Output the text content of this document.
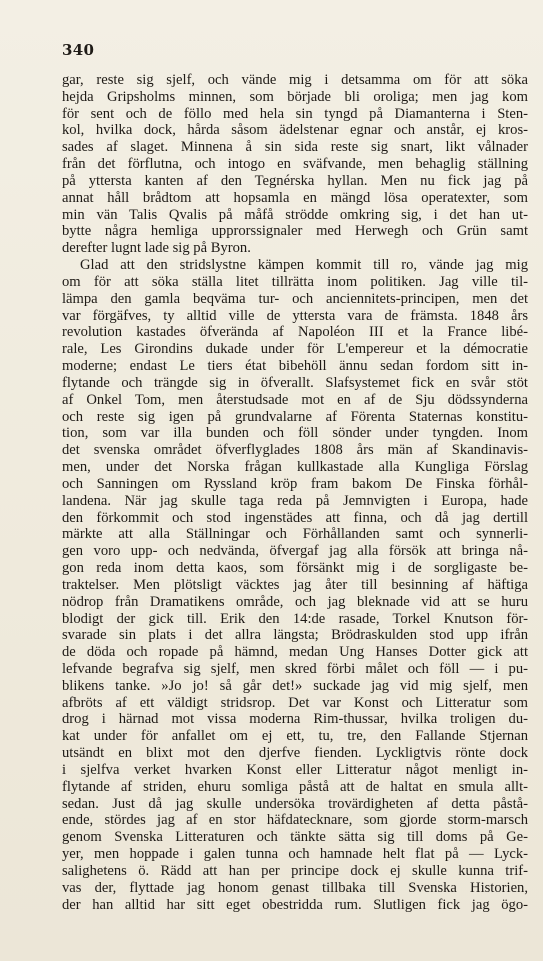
340
gar, reste sig sjelf, och vände mig i detsamma om för att söka
hejda Gripsholms minnen, som började bli oroliga; men jag kom
för sent och de föllo med hela sin tyngd på Diamanterna i Sten-
kol, hvilka dock, hårda såsom ädelstenar egnar och anstår, ej kros-
sades af slaget. Minnena å sin sida reste sig snart, likt vålnader
från det förflutna, och intogo en sväfvande, men behaglig ställning
på yttersta kanten af den Tegnérska hyllan. Men nu fick jag på
annat håll brådtom att hopsamla en mängd lösa operatexter, som
min vän Talis Qvalis på måfå strödde omkring sig, i det han ut-
bytte några hemliga upprorssignaler med Herwegh och Grün samt
derefter lugnt lade sig på Byron.
Glad att den stridslystne kämpen kommit till ro, vände jag mig
om för att söka ställa litet tillrätta inom politiken. Jag ville til-
lämpa den gamla beqväma tur- och anciennitets-principen, men det
var förgäfves, ty alltid ville de yttersta vara de främsta. 1848 års
revolution kastades öfverända af Napoléon III et la France libé-
rale, Les Girondins dukade under för L'empereur et la démocratie
moderne; endast Le tiers état bibehöll ännu sedan fordom sitt in-
flytande och trängde sig in öfverallt. Slafsystemet fick en svår stöt
af Onkel Tom, men återstudsade mot en af de Sju dödssynderna
och reste sig igen på grundvalarne af Förenta Staternas konstitu-
tion, som var illa bunden och föll sönder under tyngden. Inom
det svenska området öfverflyglades 1808 års män af Skandinavis-
men, under det Norska frågan kullkastade alla Kungliga Förslag
och Sanningen om Ryssland kröp fram bakom De Finska förhål-
landena. När jag skulle taga reda på Jemnvigten i Europa, hade
den förkommit och stod ingenstädes att finna, och då jag dertill
märkte att alla Ställningar och Förhållanden samt och synnerli-
gen voro upp- och nedvända, öfvergaf jag alla försök att bringa nå-
gon reda inom detta kaos, som försänkt mig i de sorgligaste be-
traktelser. Men plötsligt väcktes jag åter till besinning af häftiga
nödrop från Dramatikens område, och jag bleknade vid att se huru
blodigt der gick till. Erik den 14:de rasade, Torkel Knutson för-
svarade sin plats i det allra längsta; Brödraskulden stod upp ifrån
de döda och ropade på hämnd, medan Ung Hanses Dotter gick att
lefvande begrafva sig sjelf, men skred förbi målet och föll — i pu-
blikens tanke. »Jo jo! så går det!» suckade jag vid mig sjelf, men
afbröts af ett väldigt stridsrop. Det var Konst och Litteratur som
drog i härnad mot vissa moderna Rim-thussar, hvilka troligen du-
kat under för anfallet om ej ett, tu, tre, den Fallande Stjernan
utsändt en blixt mot den djerfve fienden. Lyckligtvis rönte dock
i sjelfva verket hvarken Konst eller Litteratur något menligt in-
flytande af striden, ehuru somliga påstå att de haltat en smula allt-
sedan. Just då jag skulle undersöka trovärdigheten af detta påstå-
ende, stördes jag af en stor häfdatecknare, som gjorde storm-marsch
genom Svenska Litteraturen och tänkte sätta sig till doms på Ge-
yer, men hoppade i galen tunna och hamnade helt flat på — Lyck-
salighetens ö. Rädd att han per principe dock ej skulle kunna trif-
vas der, flyttade jag honom genast tillbaka till Svenska Historien,
der han alltid har sitt eget obestridda rum. Slutligen fick jag ögo-
